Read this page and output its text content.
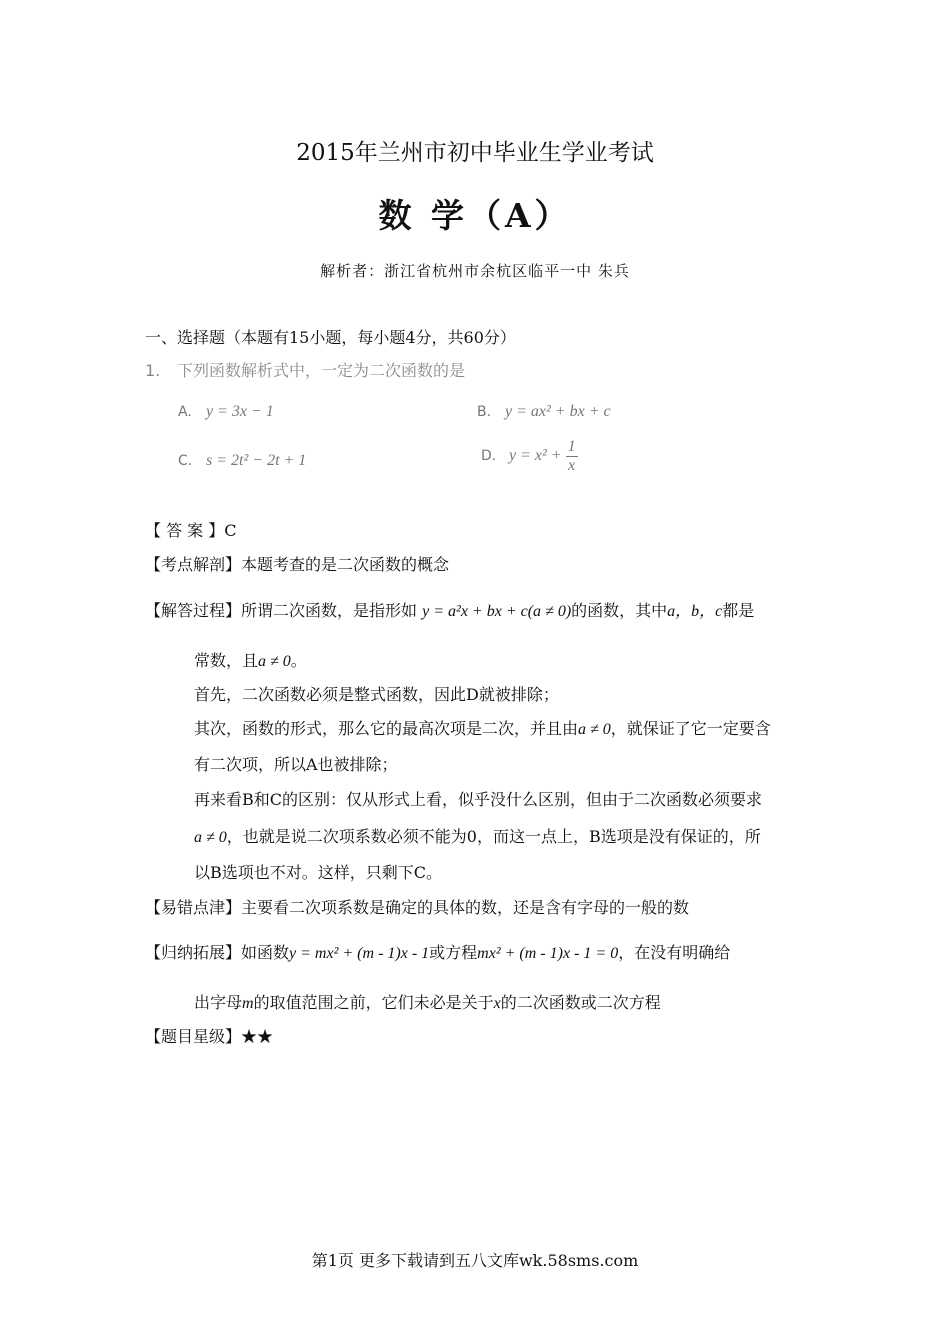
2015年兰州市初中毕业生学业考试
数 学（A）
解析者：浙江省杭州市余杭区临平一中 朱兵
一、选择题（本题有15小题，每小题4分，共60分）
1. 下列函数解析式中，一定为二次函数的是
A. y = 3x − 1	B. y = ax² + bx + c
C. s = 2t² − 2t + 1	D. $y = x^2 + \frac{1}{x}$
【 答 案 】C
【考点解剖】本题考查的是二次函数的概念
【解答过程】所谓二次函数，是指形如 y = a²x + bx + c(a ≠ 0)的函数，其中a，b，c都是
常数，且a ≠ 0。
首先，二次函数必须是整式函数，因此D就被排除；
其次，函数的形式，那么它的最高次项是二次，并且由a ≠ 0，就保证了它一定要含
有二次项，所以A也被排除；
再来看B和C的区别：仅从形式上看，似乎没什么区别，但由于二次函数必须要求
a ≠ 0，也就是说二次项系数必须不能为0，而这一点上，B选项是没有保证的，所
以B选项也不对。这样，只剩下C。
【易错点津】主要看二次项系数是确定的具体的数，还是含有字母的一般的数
【归纳拓展】如函数y = mx² + (m - 1)x - 1或方程mx² + (m - 1)x - 1 = 0，在没有明确给
出字母m的取值范围之前，它们未必是关于x的二次函数或二次方程
【题目星级】★★
第1页 更多下载请到五八文库wk.58sms.com
